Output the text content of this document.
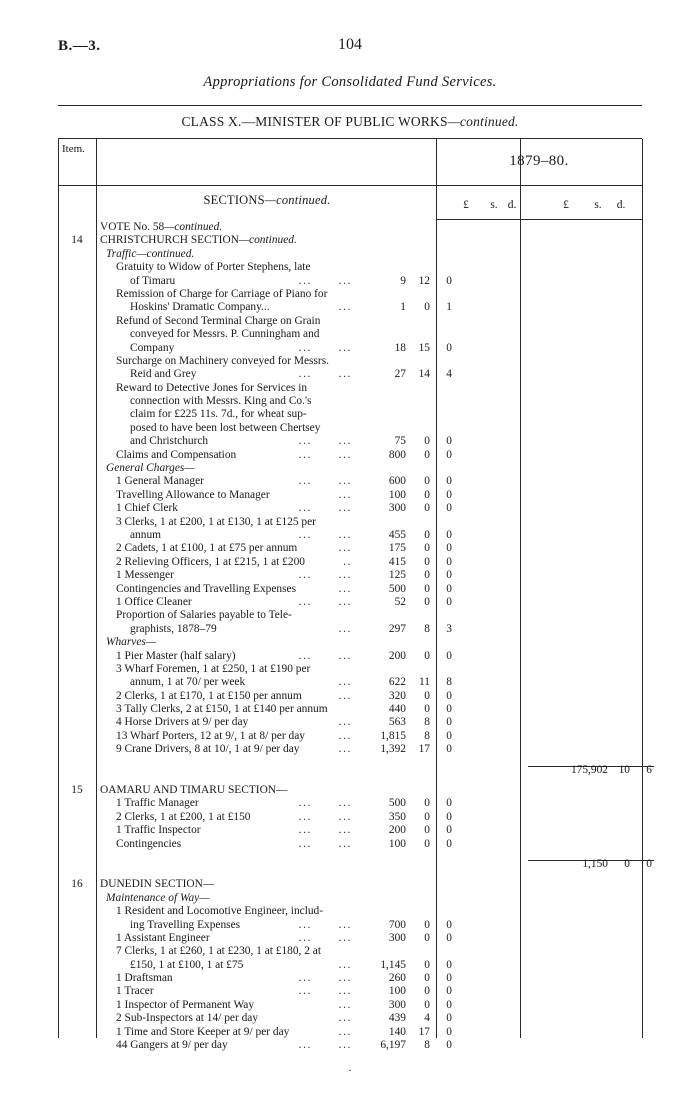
B.—3.	104
Appropriations for Consolidated Fund Services.
CLASS X.—MINISTER OF PUBLIC WORKS—continued.
Item.
1879–80.
SECTIONS—continued.	£	s. d.	£	s.	d.
VOTE No. 58—continued.
14	CHRISTCHURCH SECTION—continued.
Traffic—continued.
Gratuity to Widow of Porter Stephens, late
of Timaru	... ...	9	12	0
Remission of Charge for Carriage of Piano for
Hoskins' Dramatic Company...	...	1	0	1
Refund of Second Terminal Charge on Grain
conveyed for Messrs. P. Cunningham and
Company	... ...	18	15	0
Surcharge on Machinery conveyed for Messrs.
Reid and Grey	... ...	27	14	4
Reward to Detective Jones for Services in
connection with Messrs. King and Co.'s
claim for £225 11s. 7d., for wheat sup-
posed to have been lost between Chertsey
and Christchurch	... ...	75	0	0
Claims and Compensation	... ...	800	0	0
General Charges—
1 General Manager	... ...	600	0	0
Travelling Allowance to Manager	...	100	0	0
1 Chief Clerk	... ...	300	0	0
3 Clerks, 1 at £200, 1 at £130, 1 at £125 per
annum	... ...	455	0	0
2 Cadets, 1 at £100, 1 at £75 per annum	...	175	0	0
2 Relieving Officers, 1 at £215, 1 at £200	..	415	0	0
1 Messenger	... ...	125	0	0
Contingencies and Travelling Expenses	...	500	0	0
1 Office Cleaner	... ...	52	0	0
Proportion of Salaries payable to Tele-
graphists, 1878–79	...	297	8	3
Wharves—
1 Pier Master (half salary)	... ...	200	0	0
3 Wharf Foremen, 1 at £250, 1 at £190 per
annum, 1 at 70/ per week	...	622	11	8
2 Clerks, 1 at £170, 1 at £150 per annum	...	320	0	0
3 Tally Clerks, 2 at £150, 1 at £140 per annum	440	0	0
4 Horse Drivers at 9/ per day	...	563	8	0
13 Wharf Porters, 12 at 9/, 1 at 8/ per day	...	1,815	8	0
9 Crane Drivers, 8 at 10/, 1 at 9/ per day	...	1,392	17	0
175,902 10	6
15	OAMARU AND TIMARU SECTION—
1 Traffic Manager	... ...	500	0	0
2 Clerks, 1 at £200, 1 at £150	... ...	350	0	0
1 Traffic Inspector	... ...	200	0	0
Contingencies	... ...	100	0	0
1,150	0	0
16	DUNEDIN SECTION—
Maintenance of Way—
1 Resident and Locomotive Engineer, includ-
ing Travelling Expenses	... ...	700	0	0
1 Assistant Engineer	... ...	300	0	0
7 Clerks, 1 at £260, 1 at £230, 1 at £180, 2 at
£150, 1 at £100, 1 at £75	...	1,145	0	0
1 Draftsman	... ...	260	0	0
1 Tracer	... ...	100	0	0
1 Inspector of Permanent Way	...	300	0	0
2 Sub-Inspectors at 14/ per day	...	439	4	0
1 Time and Store Keeper at 9/ per day	...	140	17	0
44 Gangers at 9/ per day	... ...	6,197	8	0
.
